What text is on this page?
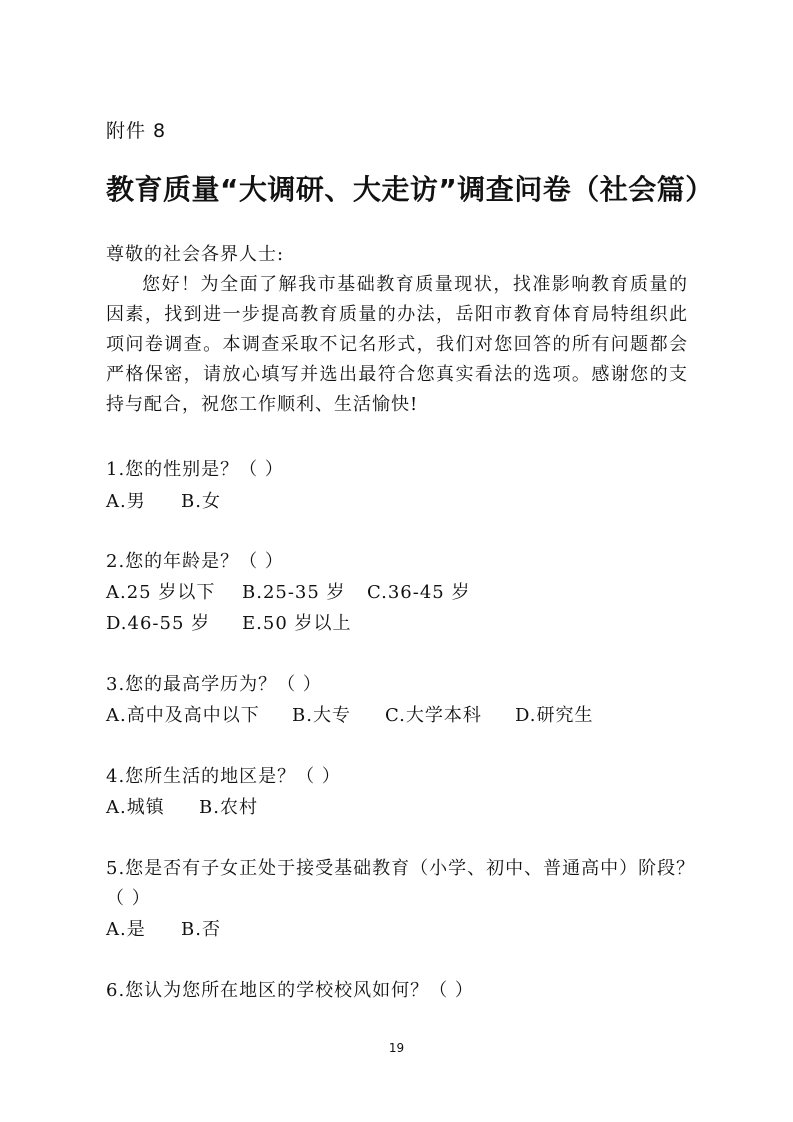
附件 8
教育质量“大调研、大走访”调查问卷（社会篇）
尊敬的社会各界人士:
您好！为全面了解我市基础教育质量现状，找准影响教育质量的因素，找到进一步提高教育质量的办法，岳阳市教育体育局特组织此项问卷调查。本调查采取不记名形式，我们对您回答的所有问题都会严格保密，请放心填写并选出最符合您真实看法的选项。感谢您的支持与配合，祝您工作顺利、生活愉快!
1.您的性别是？（ ）
A.男 B.女
2.您的年龄是？（ ）
A.25 岁以下 B.25-35 岁 C.36-45 岁
D.46-55 岁 E.50 岁以上
3.您的最高学历为？（ ）
A.高中及高中以下 B.大专 C.大学本科 D.研究生
4.您所生活的地区是？（ ）
A.城镇 B.农村
5.您是否有子女正处于接受基础教育（小学、初中、普通高中）阶段？
（ ）
A.是 B.否
6.您认为您所在地区的学校校风如何？（ ）
19
